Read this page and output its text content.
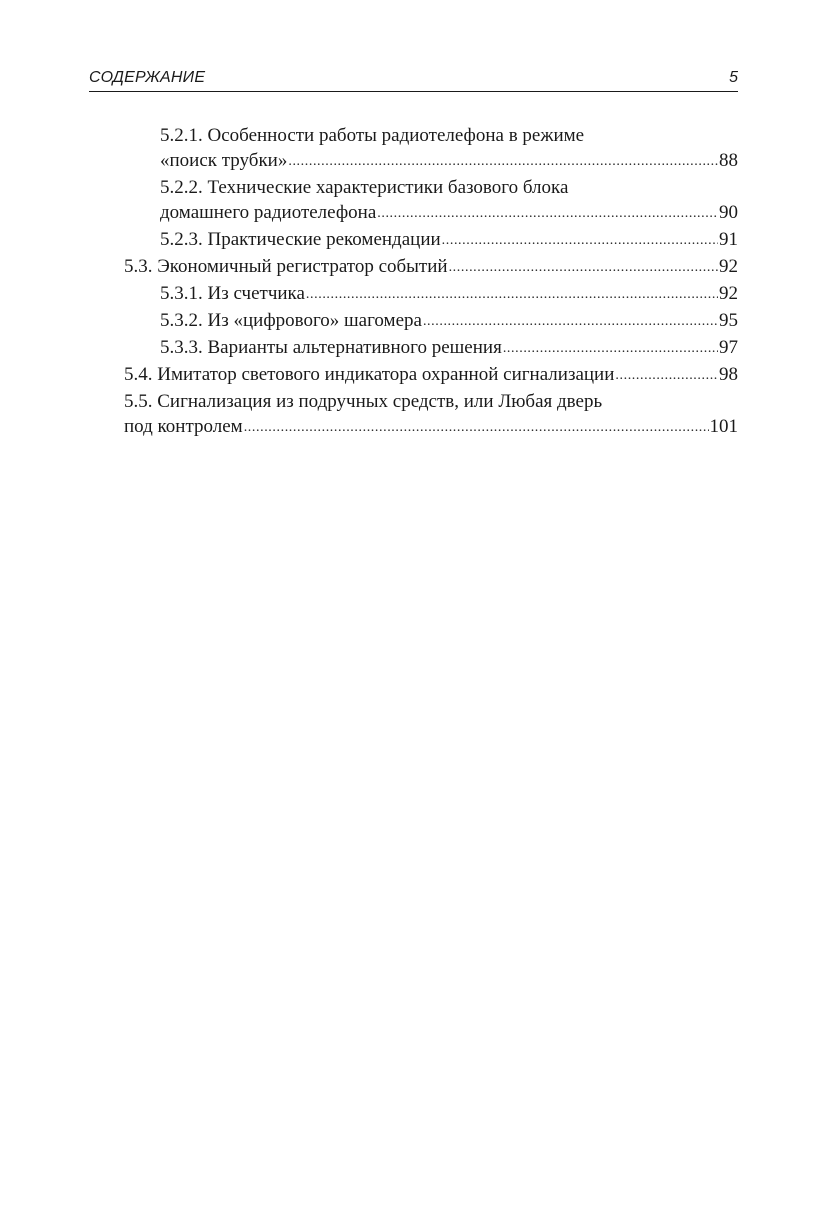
СОДЕРЖАНИЕ	5
5.2.1. Особенности работы радиотелефона в режиме
«поиск трубки» .....	88
5.2.2. Технические характеристики базового блока
домашнего радиотелефона .....	90
5.2.3. Практические рекомендации .....	91
5.3. Экономичный регистратор событий .....	92
5.3.1. Из счетчика .....	92
5.3.2. Из «цифрового» шагомера .....	95
5.3.3. Варианты альтернативного решения .....	97
5.4. Имитатор светового индикатора охранной сигнализации .....	98
5.5. Сигнализация из подручных средств, или Любая дверь
под контролем .....	101
